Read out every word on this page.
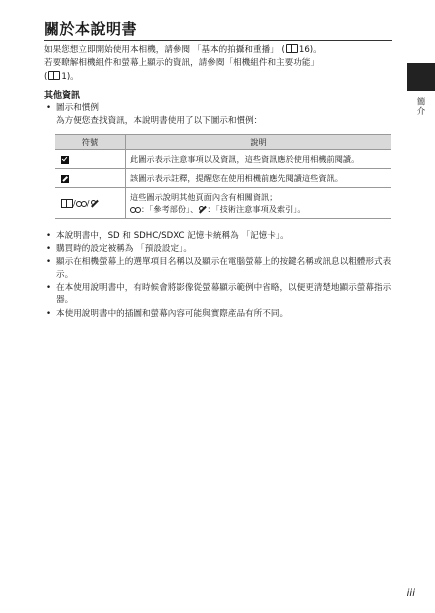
關於本說明書

如果您想立即開始使用本相機，請參閱 「基本的拍攝和重播」 ( 16)。

若要瞭解相機組件和螢幕上顯示的資訊，請參閱「相機組件和主要功能」

( 1)。

其他資訊
• 圖示和慣例
為方便您查找資訊，本說明書使用了以下圖示和慣例：
符號	說明
	此圖示表示注意事項以及資訊，這些資訊應於使用相機前閱讀。
	該圖示表示註釋，提醒您在使用相機前應先閱讀這些資訊。
/ /	這些圖示說明其他頁面內含有相關資訊；
：「參考部份」、 ：「技術注意事項及索引」。
• 本說明書中，SD 和 SDHC/SDXC 記憶卡統稱為 「記憶卡」。
• 購買時的設定被稱為 「預設設定」。
• 顯示在相機螢幕上的選單項目名稱以及顯示在電腦螢幕上的按鍵名稱或訊息以粗體形式表示。
• 在本使用說明書中，有時候會將影像從螢幕顯示範例中省略，以便更清楚地顯示螢幕指示器。
• 本使用說明書中的插圖和螢幕內容可能與實際產品有所不同。
簡介
iii
